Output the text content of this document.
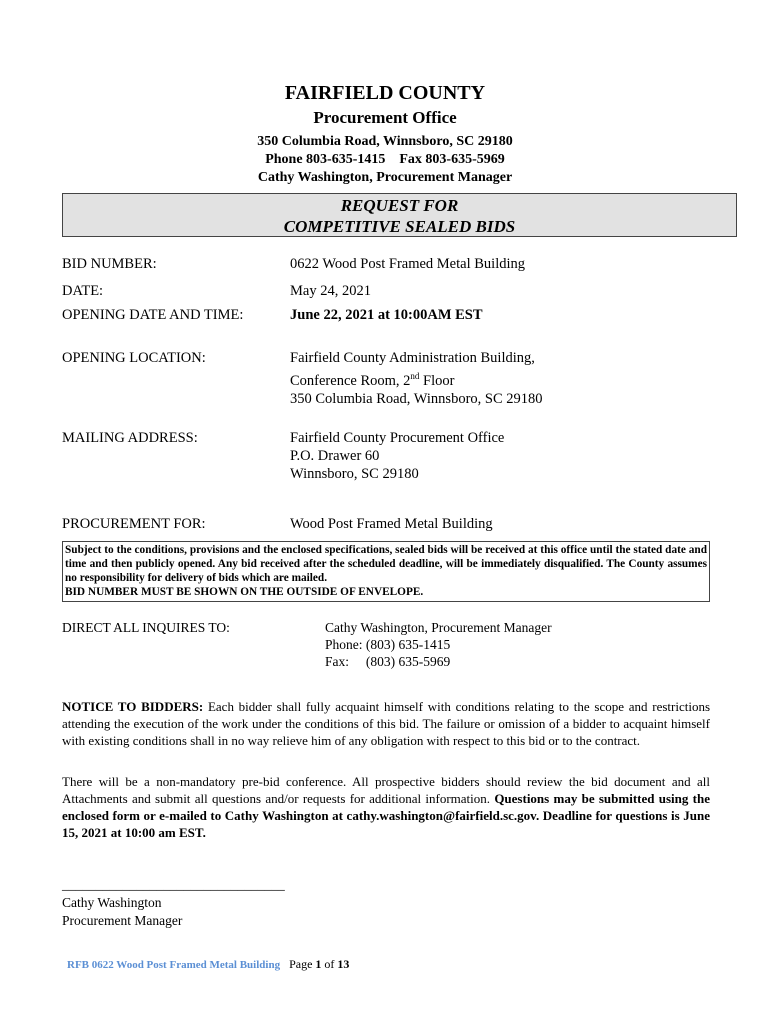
FAIRFIELD COUNTY
Procurement Office
350 Columbia Road, Winnsboro, SC 29180
Phone 803-635-1415    Fax 803-635-5969
Cathy Washington, Procurement Manager
REQUEST FOR
COMPETITIVE SEALED BIDS
BID NUMBER:	0622 Wood Post Framed Metal Building
DATE:	May 24, 2021
OPENING DATE AND TIME:	June 22, 2021 at 10:00AM EST
OPENING LOCATION:	Fairfield County Administration Building,
Conference Room, 2nd Floor
350 Columbia Road, Winnsboro, SC 29180
MAILING ADDRESS:	Fairfield County Procurement Office
P.O. Drawer 60
Winnsboro, SC 29180
PROCUREMENT FOR:	Wood Post Framed Metal Building

Subject to the conditions, provisions and the enclosed specifications, sealed bids will be received at this office until the stated date and time and then publicly opened. Any bid received after the scheduled deadline, will be immediately disqualified. The County assumes no responsibility for delivery of bids which are mailed.

BID NUMBER MUST BE SHOWN ON THE OUTSIDE OF ENVELOPE.

DIRECT ALL INQUIRES TO:	Cathy Washington, Procurement Manager
Phone: (803) 635-1415
Fax:     (803) 635-5969

NOTICE TO BIDDERS: Each bidder shall fully acquaint himself with conditions relating to the scope and restrictions attending the execution of the work under the conditions of this bid. The failure or omission of a bidder to acquaint himself with existing conditions shall in no way relieve him of any obligation with respect to this bid or to the contract.

There will be a non-mandatory pre-bid conference. All prospective bidders should review the bid document and all Attachments and submit all questions and/or requests for additional information. Questions may be submitted using the enclosed form or e-mailed to Cathy Washington at cathy.washington@fairfield.sc.gov. Deadline for questions is June 15, 2021 at 10:00 am EST.

_________________________________
Cathy Washington
Procurement Manager
RFB 0622 Wood Post Framed Metal Building Page 1 of 13
